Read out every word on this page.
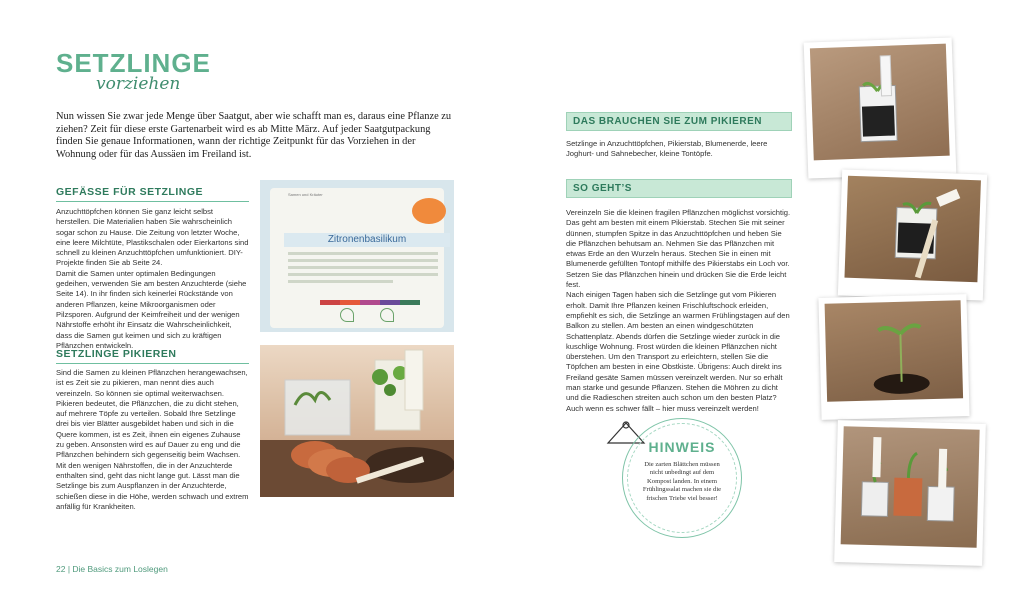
SETZLINGE
vorziehen

Nun wissen Sie zwar jede Menge über Saatgut, aber wie schafft man es, daraus eine Pflanze zu ziehen? Zeit für diese erste Gartenarbeit wird es ab Mitte März. Auf jeder Saatgutpackung finden Sie genaue Informationen, wann der richtige Zeitpunkt für das Vorziehen in der Wohnung oder für das Aussäen im Freiland ist.

GEFÄSSE FÜR SETZLINGE

Anzuchttöpfchen können Sie ganz leicht selbst herstellen. Die Materialien haben Sie wahrscheinlich sogar schon zu Hause. Die Zeitung von letzter Woche, eine leere Milchtüte, Plastikschalen oder Eierkartons sind schnell zu kleinen Anzuchttöpfchen umfunktioniert. DIY-Projekte finden Sie ab Seite 24.
Damit die Samen unter optimalen Bedingungen gedeihen, verwenden Sie am besten Anzuchterde (siehe Seite 14). In ihr finden sich keinerlei Rückstände von anderen Pflanzen, keine Mikroorganismen oder Pilzsporen. Aufgrund der Keimfreiheit und der wenigen Nährstoffe erhöht ihr Einsatz die Wahrscheinlichkeit, dass die Samen gut keimen und sich zu kräftigen Pflänzchen entwickeln.

SETZLINGE PIKIEREN

Sind die Samen zu kleinen Pflänzchen herangewachsen, ist es Zeit sie zu pikieren, man nennt dies auch vereinzeln. So können sie optimal weiterwachsen. Pikieren bedeutet, die Pflänzchen, die zu dicht stehen, auf mehrere Töpfe zu verteilen. Sobald Ihre Setzlinge drei bis vier Blätter ausgebildet haben und sich in die Quere kommen, ist es Zeit, ihnen ein eigenes Zuhause zu geben. Ansonsten wird es auf Dauer zu eng und die Pflänzchen behindern sich gegenseitig beim Wachsen. Mit den wenigen Nährstoffen, die in der Anzuchterde enthalten sind, geht das nicht lange gut. Lässt man die Setzlinge bis zum Auspflanzen in der Anzuchterde, schießen diese in die Höhe, werden schwach und extrem anfällig für Krankheiten.

Samen und Kräuter
Zitronenbasilikum
22 | Die Basics zum Loslegen
DAS BRAUCHEN SIE ZUM PIKIEREN

Setzlinge in Anzuchttöpfchen, Pikierstab, Blumenerde, leere Joghurt- und Sahnebecher, kleine Tontöpfe.

SO GEHT’S

Vereinzeln Sie die kleinen fragilen Pflänzchen möglichst vorsichtig. Das geht am besten mit einem Pikierstab. Stechen Sie mit seiner dünnen, stumpfen Spitze in das Anzuchttöpfchen und heben Sie die Pflänzchen behutsam an. Nehmen Sie das Pflänzchen mit etwas Erde an den Wurzeln heraus. Stechen Sie in einen mit Blumenerde gefüllten Tontopf mithilfe des Pikierstabs ein Loch vor. Setzen Sie das Pflänzchen hinein und drücken Sie die Erde leicht fest.
Nach einigen Tagen haben sich die Setzlinge gut vom Pikieren erholt. Damit Ihre Pflanzen keinen Frischluftschock erleiden, empfiehlt es sich, die Setzlinge an warmen Frühlingstagen auf den Balkon zu stellen. Am besten an einen windgeschützten Schattenplatz. Abends dürfen die Setzlinge wieder zurück in die kuschlige Wohnung. Frost würden die kleinen Pflänzchen nicht überstehen. Um den Transport zu erleichtern, stellen Sie die Töpfchen am besten in eine Obstkiste. Übrigens: Auch direkt ins Freiland gesäte Samen müssen vereinzelt werden. Nur so erhält man starke und gesunde Pflanzen. Stehen die Möhren zu dicht und die Radieschen streiten auch schon um den besten Platz? Auch wenn es schwer fällt – hier muss vereinzelt werden!

HINWEIS
Die zarten Blättchen müssen nicht unbedingt auf dem Kompost landen. In einem Frühlingssalat machen sie die frischen Triebe viel besser!
